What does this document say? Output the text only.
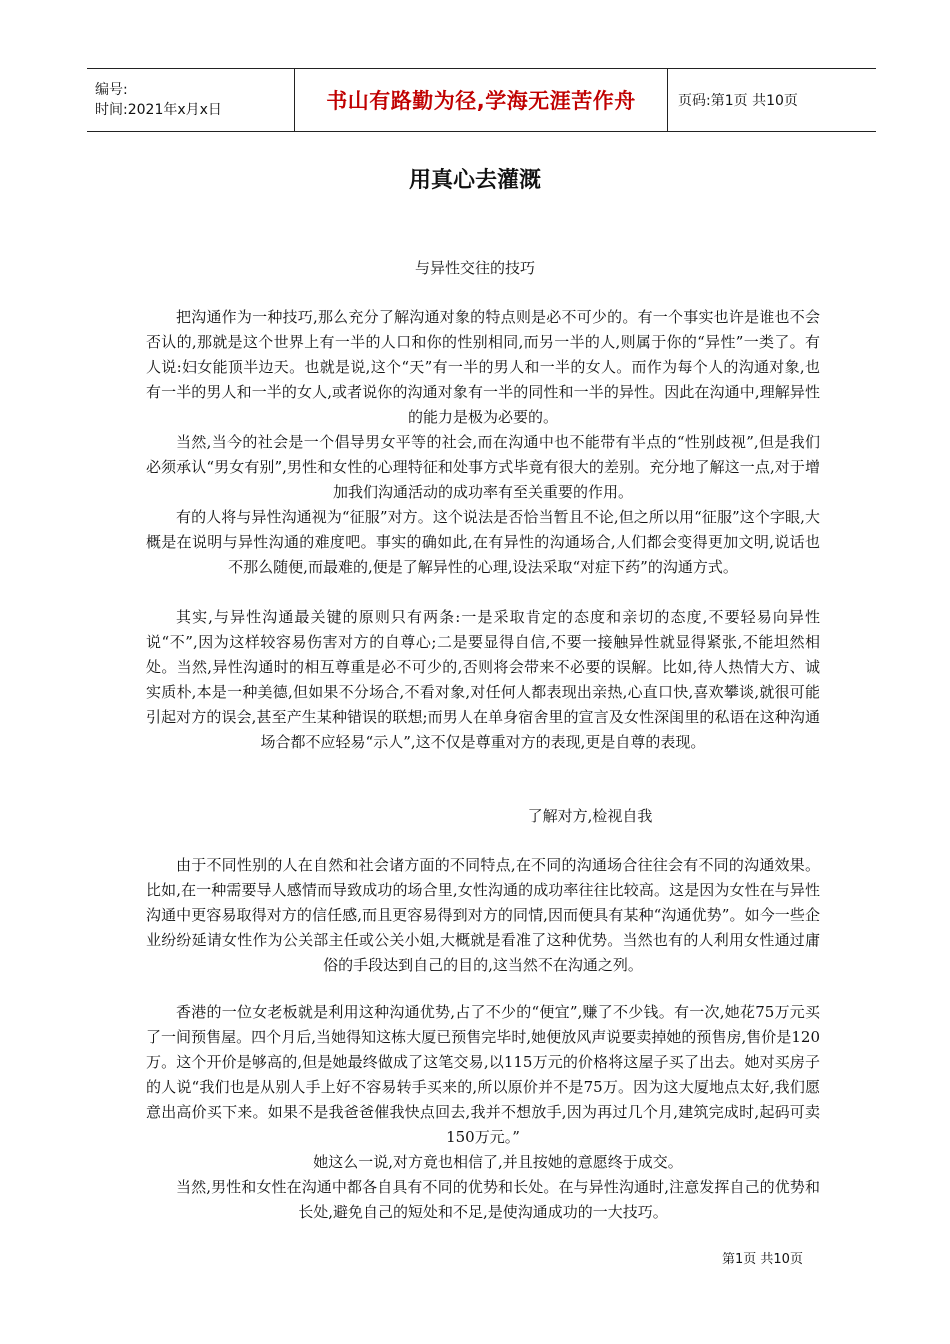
编号:
时间:2021年x月x日	书山有路勤为径,学海无涯苦作舟	页码:第1页 共10页
用真心去灌溉
与异性交往的技巧
把沟通作为一种技巧,那么充分了解沟通对象的特点则是必不可少的。有一个事实也许是谁也不会否认的,那就是这个世界上有一半的人口和你的性别相同,而另一半的人,则属于你的“异性”一类了。有人说:妇女能顶半边天。也就是说,这个“天”有一半的男人和一半的女人。而作为每个人的沟通对象,也有一半的男人和一半的女人,或者说你的沟通对象有一半的同性和一半的异性。因此在沟通中,理解异性的能力是极为必要的。
当然,当今的社会是一个倡导男女平等的社会,而在沟通中也不能带有半点的“性别歧视”,但是我们必须承认“男女有别”,男性和女性的心理特征和处事方式毕竟有很大的差别。充分地了解这一点,对于增加我们沟通活动的成功率有至关重要的作用。
有的人将与异性沟通视为“征服”对方。这个说法是否恰当暂且不论,但之所以用“征服”这个字眼,大概是在说明与异性沟通的难度吧。事实的确如此,在有异性的沟通场合,人们都会变得更加文明,说话也不那么随便,而最难的,便是了解异性的心理,设法采取“对症下药”的沟通方式。
其实,与异性沟通最关键的原则只有两条:一是采取肯定的态度和亲切的态度,不要轻易向异性说“不”,因为这样较容易伤害对方的自尊心;二是要显得自信,不要一接触异性就显得紧张,不能坦然相处。当然,异性沟通时的相互尊重是必不可少的,否则将会带来不必要的误解。比如,待人热情大方、诚实质朴,本是一种美德,但如果不分场合,不看对象,对任何人都表现出亲热,心直口快,喜欢攀谈,就很可能引起对方的误会,甚至产生某种错误的联想;而男人在单身宿舍里的宣言及女性深闺里的私语在这种沟通场合都不应轻易“示人”,这不仅是尊重对方的表现,更是自尊的表现。
了解对方,检视自我
由于不同性别的人在自然和社会诸方面的不同特点,在不同的沟通场合往往会有不同的沟通效果。比如,在一种需要导人感情而导致成功的场合里,女性沟通的成功率往往比较高。这是因为女性在与异性沟通中更容易取得对方的信任感,而且更容易得到对方的同情,因而便具有某种“沟通优势”。如今一些企业纷纷延请女性作为公关部主任或公关小姐,大概就是看准了这种优势。当然也有的人利用女性通过庸俗的手段达到自己的目的,这当然不在沟通之列。
香港的一位女老板就是利用这种沟通优势,占了不少的“便宜”,赚了不少钱。有一次,她花75万元买了一间预售屋。四个月后,当她得知这栋大厦已预售完毕时,她便放风声说要卖掉她的预售房,售价是120万。这个开价是够高的,但是她最终做成了这笔交易,以115万元的价格将这屋子买了出去。她对买房子的人说“我们也是从别人手上好不容易转手买来的,所以原价并不是75万。因为这大厦地点太好,我们愿意出高价买下来。如果不是我爸爸催我快点回去,我并不想放手,因为再过几个月,建筑完成时,起码可卖150万元。”
她这么一说,对方竟也相信了,并且按她的意愿终于成交。
当然,男性和女性在沟通中都各自具有不同的优势和长处。在与异性沟通时,注意发挥自己的优势和长处,避免自己的短处和不足,是使沟通成功的一大技巧。
第1页 共10页
